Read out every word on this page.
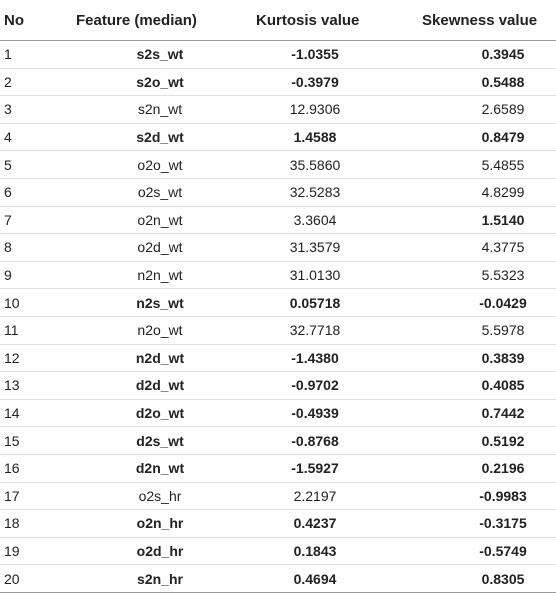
No	Feature (median)	Kurtosis value	Skewness value
1	s2s_wt	-1.0355	0.3945
2	s2o_wt	-0.3979	0.5488
3	s2n_wt	12.9306	2.6589
4	s2d_wt	1.4588	0.8479
5	o2o_wt	35.5860	5.4855
6	o2s_wt	32.5283	4.8299
7	o2n_wt	3.3604	1.5140
8	o2d_wt	31.3579	4.3775
9	n2n_wt	31.0130	5.5323
10	n2s_wt	0.05718	-0.0429
11	n2o_wt	32.7718	5.5978
12	n2d_wt	-1.4380	0.3839
13	d2d_wt	-0.9702	0.4085
14	d2o_wt	-0.4939	0.7442
15	d2s_wt	-0.8768	0.5192
16	d2n_wt	-1.5927	0.2196
17	o2s_hr	2.2197	-0.9983
18	o2n_hr	0.4237	-0.3175
19	o2d_hr	0.1843	-0.5749
20	s2n_hr	0.4694	0.8305
